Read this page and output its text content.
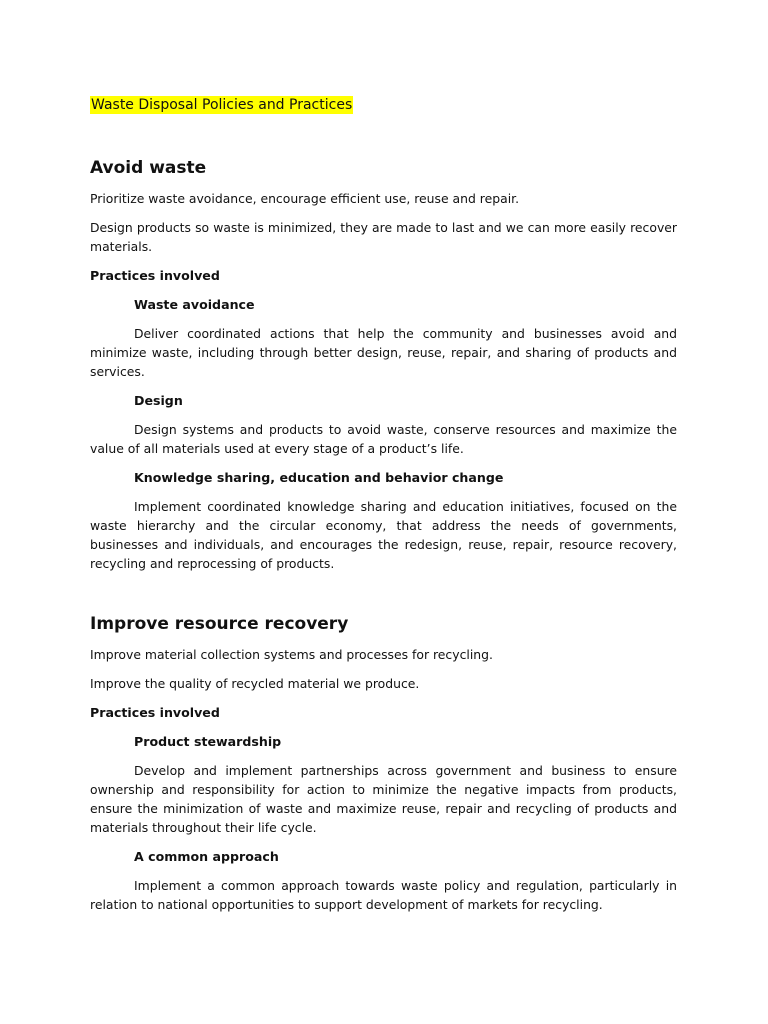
Waste Disposal Policies and Practices
Avoid waste

Prioritize waste avoidance, encourage efficient use, reuse and repair.

Design products so waste is minimized, they are made to last and we can more easily recover materials.

Practices involved
Waste avoidance

Deliver coordinated actions that help the community and businesses avoid and minimize waste, including through better design, reuse, repair, and sharing of products and services.

Design

Design systems and products to avoid waste, conserve resources and maximize the value of all materials used at every stage of a product’s life.

Knowledge sharing, education and behavior change

Implement coordinated knowledge sharing and education initiatives, focused on the waste hierarchy and the circular economy, that address the needs of governments, businesses and individuals, and encourages the redesign, reuse, repair, resource recovery, recycling and reprocessing of products.

Improve resource recovery

Improve material collection systems and processes for recycling.

Improve the quality of recycled material we produce.

Practices involved
Product stewardship

Develop and implement partnerships across government and business to ensure ownership and responsibility for action to minimize the negative impacts from products, ensure the minimization of waste and maximize reuse, repair and recycling of products and materials throughout their life cycle.

A common approach

Implement a common approach towards waste policy and regulation, particularly in relation to national opportunities to support development of markets for recycling.
